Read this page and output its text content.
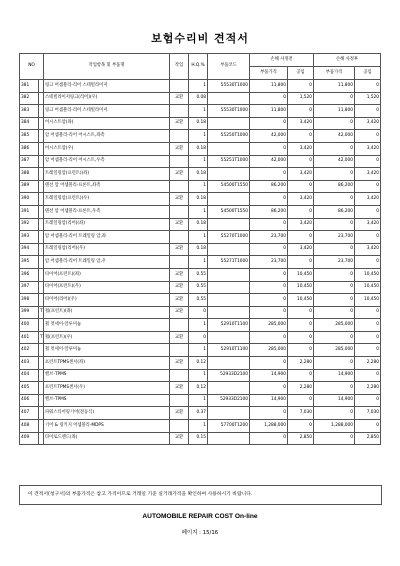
보험수리비 견적서
NO		작업항목 및 부품명	작업	H.Q.%	부품코드	손해 사정전		손해 사정후	
						부품가격	공임	부품가격	공임
381		링크 어셈블리-리어 스테빌라이저		1	55530T1000	11,800	0	11,800	0
382		스테빌라이저링크(리어)(우)	교환	0.08		0	1,520	0	1,520
383		링크 어셈블리-리어 스테빌라이저		1	55530T1000	11,800	0	11,800	0
384		어시스트암(좌)	교환	0.18		0	3,420	0	3,420
385		암 어셈블리-리어 어시스트,좌측		1	55250T1000	42,000	0	42,000	0
386		어시스트암(우)	교환	0.18		0	3,420	0	3,420
387		암 어셈블리-리어 어시스트,우측		1	55251T1000	42,000	0	42,000	0
388		트레일링암(프런트)(좌)	교환	0.18		0	3,420	0	3,420
389		텐션 암 어셈블리-프론트,좌측		1	54500T1550	86,200	0	86,200	0
390		트레일링암(프런트)(우)	교환	0.18		0	3,420	0	3,420
391		텐션 암 어셈블리-프론트,우측		1	54500T1550	86,200	0	86,200	0
392		트레일링암(리어)(좌)	교환	0.18		0	3,420	0	3,420
393		암 어셈블리-리어 트레일링 암,좌		1	55270T1000	23,700	0	23,700	0
394		트레일링암(리어)(우)	교환	0.18		0	3,420	0	3,420
395		암 어셈블리-리어 트레일링 암,우		1	55271T1000	23,700	0	23,700	0
396		타이어(프런트)(좌)	교환	0.55		0	10,450	0	10,450
397		타이어(프런트)(우)	교환	0.55		0	10,450	0	10,450
398		타이어(리어)(우)	교환	0.55		0	10,450	0	10,450
399	T	휠(프런트)(좌)	교환	0		0	0	0	0
400		휠 엇세이-알루미늄		1	52910T1100	285,000	0	285,000	0
401	T	휠(프런트)(우)	교환	0		0	0	0	0
402		휠 엇세이-알루미늄		1	52910T1100	285,000	0	285,000	0
403		프런트TPMS센서(좌)	교환	0.12		0	2,280	0	2,280
404		밸브-TPMS		1	52933D2100	14,900	0	14,900	0
405		프런트TPMS센서(우)	교환	0.12		0	2,280	0	2,280
406		밸브-TPMS		1	52933D2100	14,900	0	14,900	0
407		파워스티어링기어(전동식)	교환	0.37		0	7,030	0	7,030
408		기어 & 링키지 어셈블리-MDPS		1	57700T1200	1,288,000	0	1,288,000	0
409		타이로드엔드(좌)	교환	0.15		0	2,850	0	2,850
이 견적서(청구서)의 부품가격은 참고 가격이므로 거래일 기준 실거래가격을 확인하여 사용하시기 바랍니다.
AUTOMOBILE REPAIR COST On-line
페이지 : 15/16
